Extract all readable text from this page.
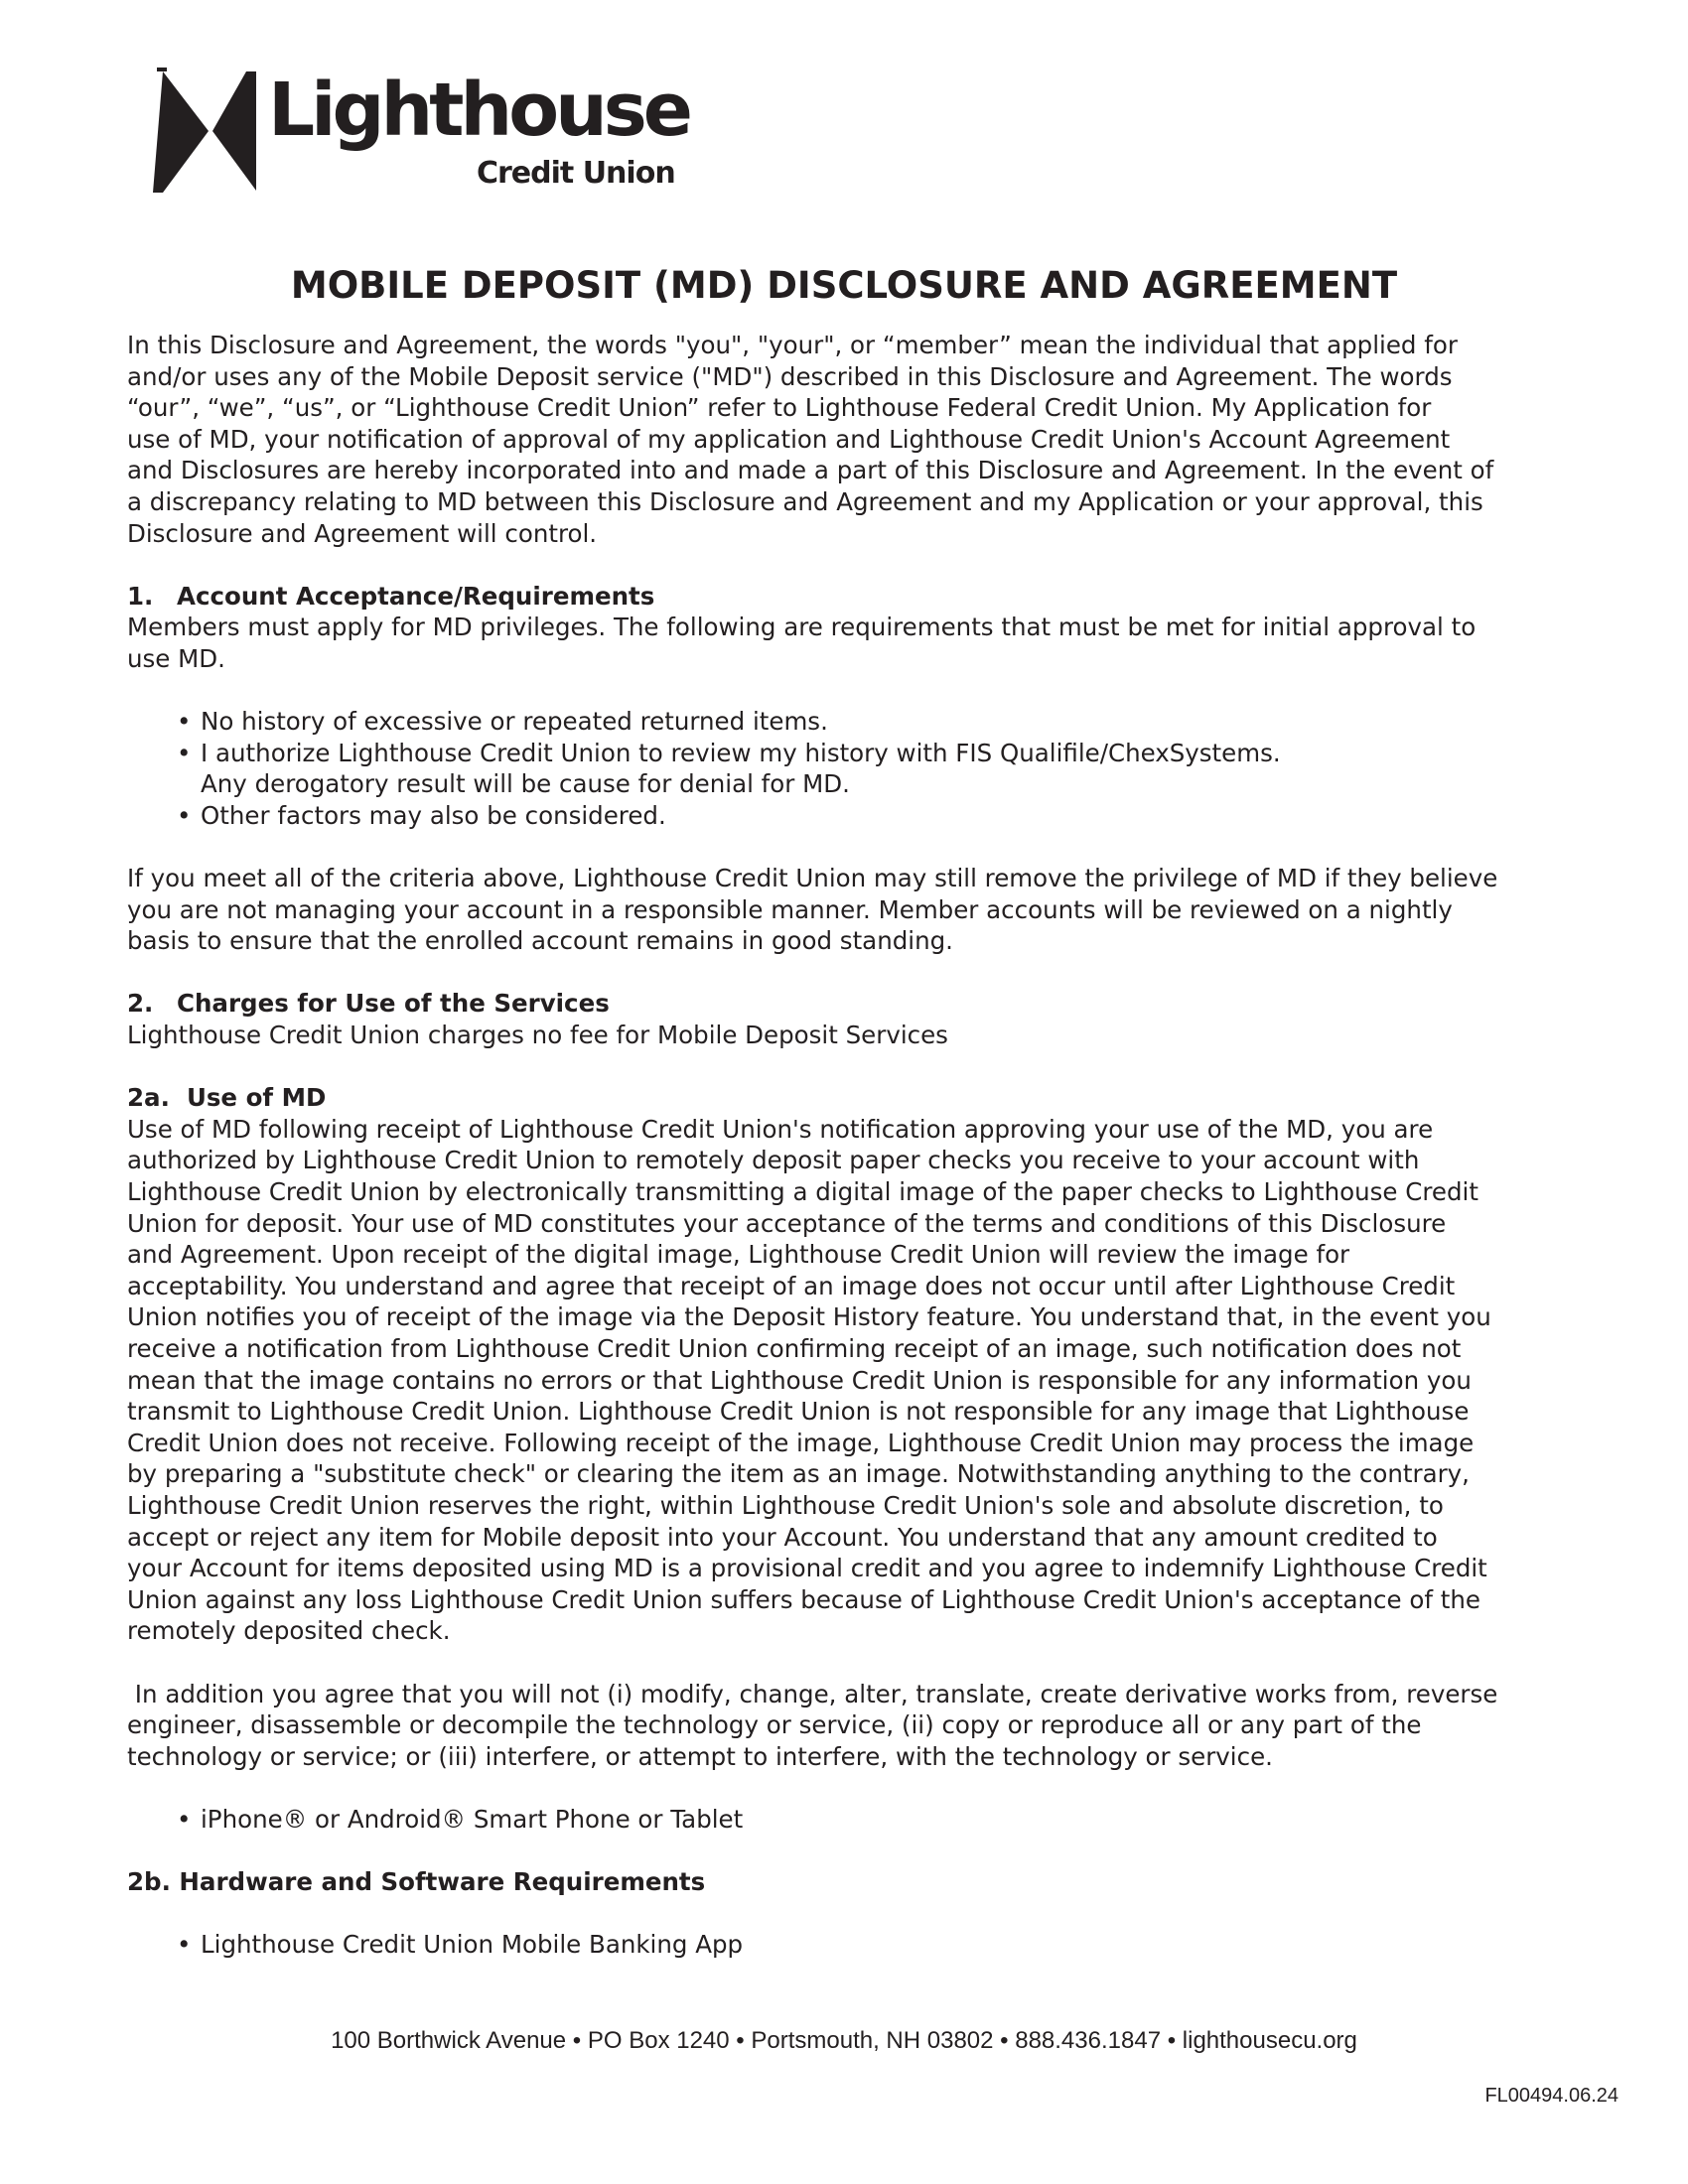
Lighthouse
Credit Union
MOBILE DEPOSIT (MD) DISCLOSURE AND AGREEMENT

In this Disclosure and Agreement, the words "you", "your", or “member” mean the individual that applied for

and/or uses any of the Mobile Deposit service ("MD") described in this Disclosure and Agreement. The words

“our”, “we”, “us”, or “Lighthouse Credit Union” refer to Lighthouse Federal Credit Union. My Application for

use of MD, your notification of approval of my application and Lighthouse Credit Union's Account Agreement

and Disclosures are hereby incorporated into and made a part of this Disclosure and Agreement. In the event of

a discrepancy relating to MD between this Disclosure and Agreement and my Application or your approval, this

Disclosure and Agreement will control.

1. Account Acceptance/Requirements

Members must apply for MD privileges. The following are requirements that must be met for initial approval to

use MD.

• No history of excessive or repeated returned items.
• I authorize Lighthouse Credit Union to review my history with FIS Qualifile/ChexSystems.
Any derogatory result will be cause for denial for MD.
• Other factors may also be considered.

If you meet all of the criteria above, Lighthouse Credit Union may still remove the privilege of MD if they believe

you are not managing your account in a responsible manner. Member accounts will be reviewed on a nightly

basis to ensure that the enrolled account remains in good standing.

2. Charges for Use of the Services

Lighthouse Credit Union charges no fee for Mobile Deposit Services

2a.  Use of MD

Use of MD following receipt of Lighthouse Credit Union's notification approving your use of the MD, you are

authorized by Lighthouse Credit Union to remotely deposit paper checks you receive to your account with

Lighthouse Credit Union by electronically transmitting a digital image of the paper checks to Lighthouse Credit

Union for deposit. Your use of MD constitutes your acceptance of the terms and conditions of this Disclosure

and Agreement. Upon receipt of the digital image, Lighthouse Credit Union will review the image for

acceptability. You understand and agree that receipt of an image does not occur until after Lighthouse Credit

Union notifies you of receipt of the image via the Deposit History feature. You understand that, in the event you

receive a notification from Lighthouse Credit Union confirming receipt of an image, such notification does not

mean that the image contains no errors or that Lighthouse Credit Union is responsible for any information you

transmit to Lighthouse Credit Union. Lighthouse Credit Union is not responsible for any image that Lighthouse

Credit Union does not receive. Following receipt of the image, Lighthouse Credit Union may process the image

by preparing a "substitute check" or clearing the item as an image. Notwithstanding anything to the contrary,

Lighthouse Credit Union reserves the right, within Lighthouse Credit Union's sole and absolute discretion, to

accept or reject any item for Mobile deposit into your Account. You understand that any amount credited to

your Account for items deposited using MD is a provisional credit and you agree to indemnify Lighthouse Credit

Union against any loss Lighthouse Credit Union suffers because of Lighthouse Credit Union's acceptance of the

remotely deposited check.

In addition you agree that you will not (i) modify, change, alter, translate, create derivative works from, reverse

engineer, disassemble or decompile the technology or service, (ii) copy or reproduce all or any part of the

technology or service; or (iii) interfere, or attempt to interfere, with the technology or service.

• iPhone® or Android® Smart Phone or Tablet

2b. Hardware and Software Requirements

• Lighthouse Credit Union Mobile Banking App
100 Borthwick Avenue • PO Box 1240 • Portsmouth, NH 03802 • 888.436.1847 • lighthousecu.org
FL00494.06.24
